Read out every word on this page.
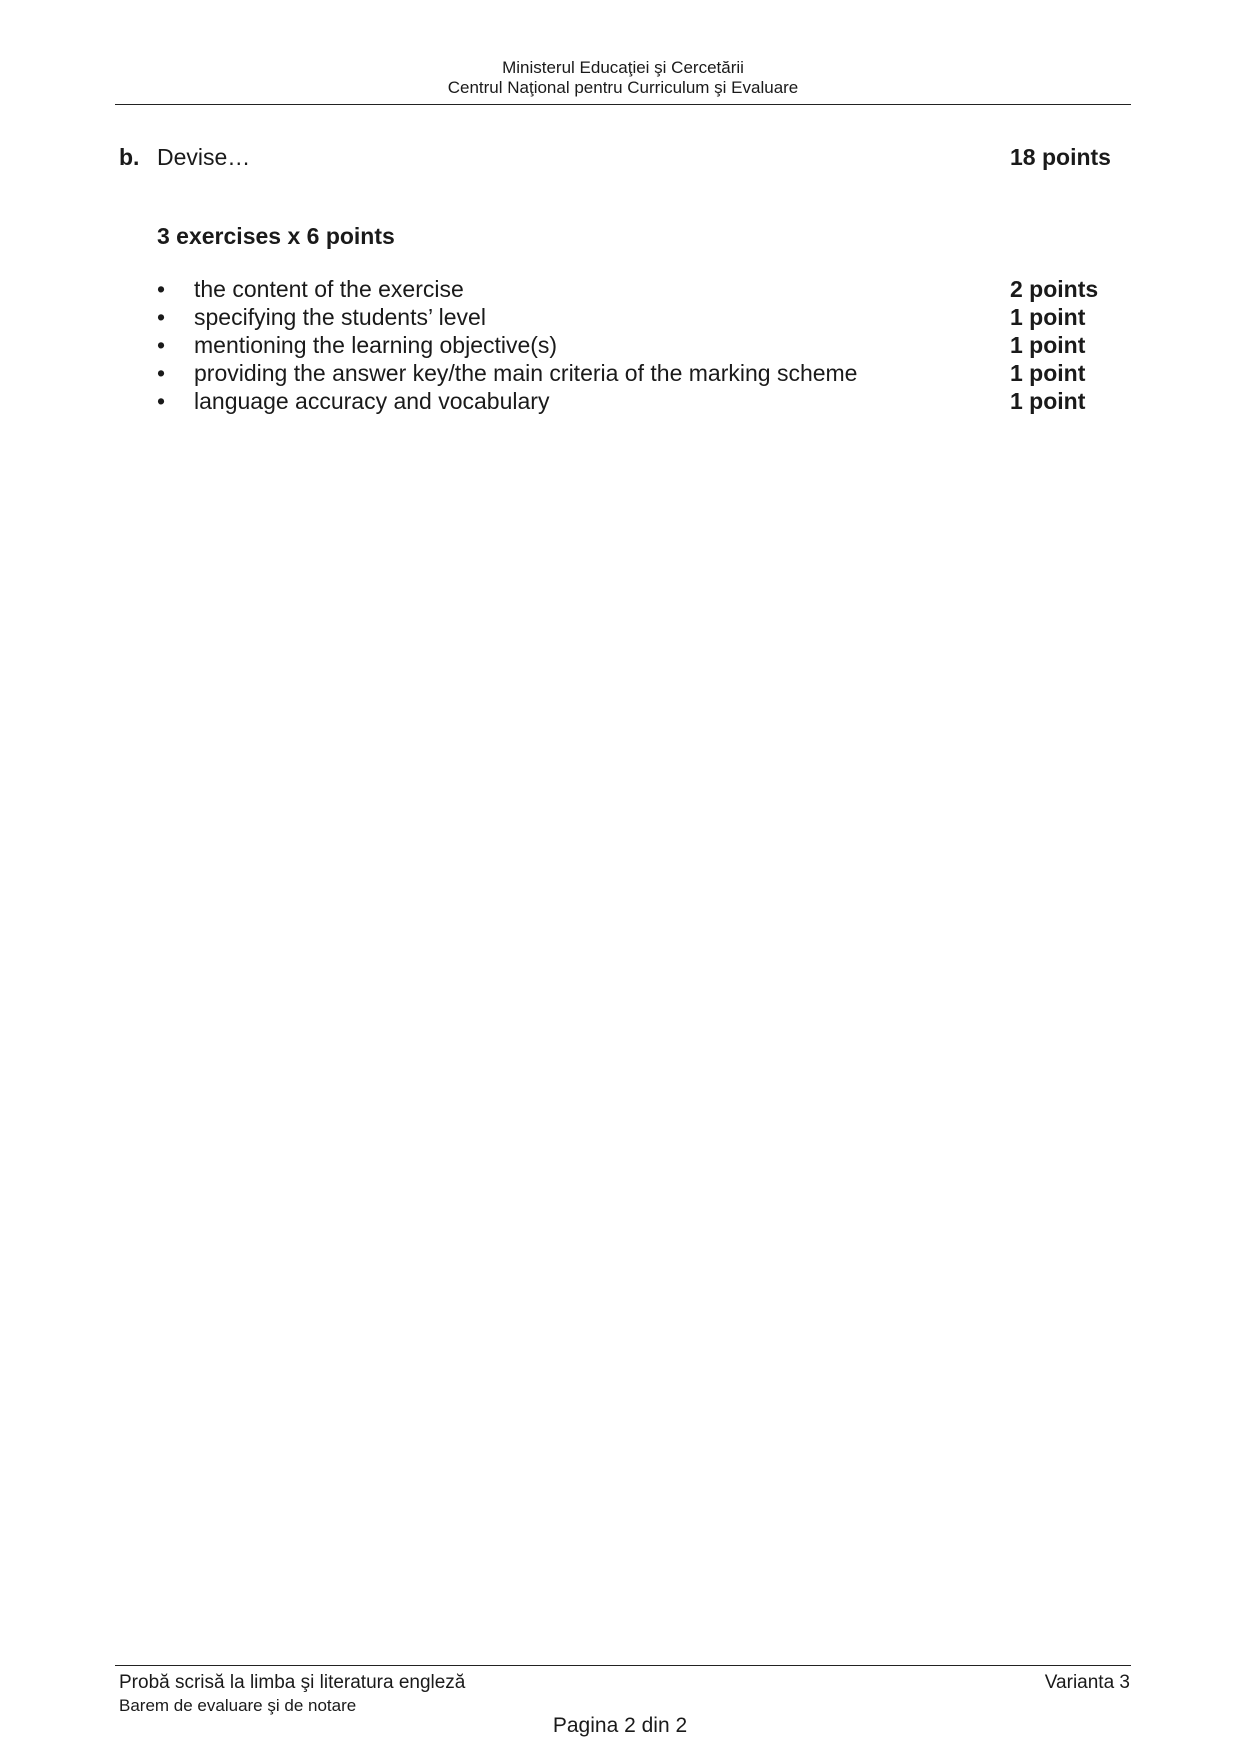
Ministerul Educaţiei şi Cercetării
Centrul Naţional pentru Curriculum şi Evaluare
b. Devise…	18 points
3 exercises x 6 points
• the content of the exercise	2 points
• specifying the students’ level	1 point
• mentioning the learning objective(s)	1 point
• providing the answer key/the main criteria of the marking scheme	1 point
• language accuracy and vocabulary	1 point
Probă scrisă la limba şi literatura engleză
Barem de evaluare şi de notare
Varianta 3
Pagina 2 din 2
